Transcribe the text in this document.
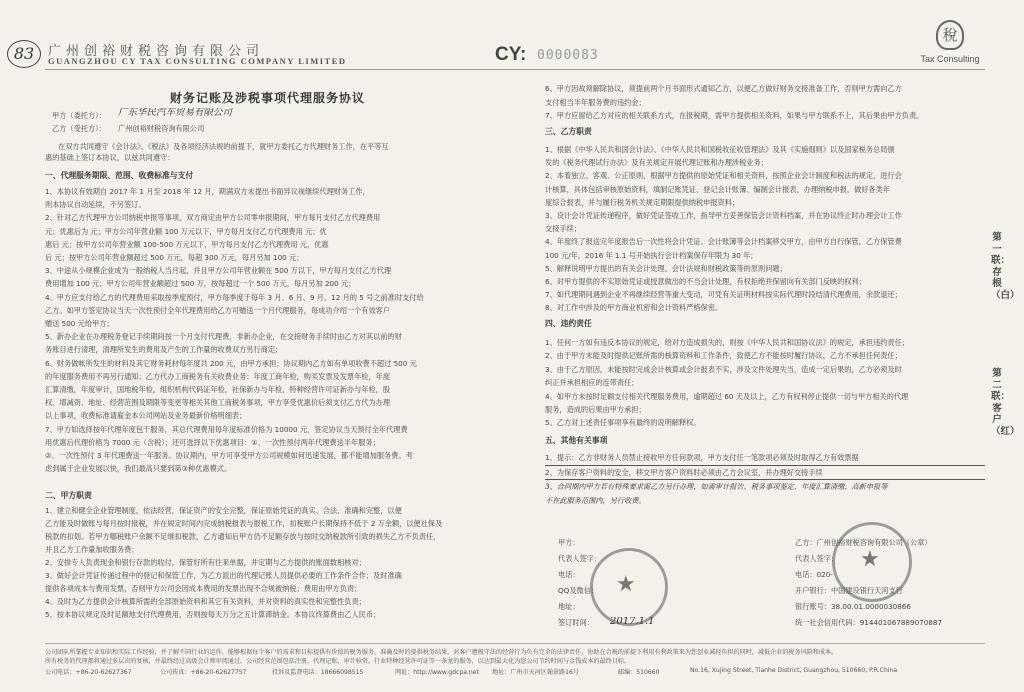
83	广州创裕财税咨询有限公司
GUANGZHOU CY TAX CONSULTING COMPANY LIMITED	CY: 0000083
稅
Tax Consulting
财务记账及涉税事项代理服务协议
甲方（委托方）： 广东华民汽车贸易有限公司
乙方（受托方）： 广州创裕财税咨询有限公司
在双方共同遵守《会计法》、《税法》及各项经济法规的前提下，就甲方委托乙方代理财务工作，在平等互
惠的基础上签订本协议，以兹共同遵守：
一、代理服务期限、范围、收费标准与支付
1、本协议有效期自 2017 年 1 月至 2018 年 12 月，期满双方未提出书面异议视继续代理财务工作，
则本协议自动延续，不另签订。
2、针对乙方代理甲方公司纳税申报等事项，双方商定由甲方公司零申报期间，甲方每月支付乙方代理费用
元；优惠后为 元；甲方公司年营业额 100 万元以下，甲方每月支付乙方代理费用 元；优
惠后 元；按甲方公司年营业额 100-500 万元以下，甲方每月支付乙方代理费用 元，优惠
后 元；按甲方公司年营业额超过 500 万元，每超 300 万元，每月另加 100 元；
3、中途从小规模企业成为一般纳税人当月起，并且甲方公司年营业额在 500 万以下，甲方每月支付乙方代理
费用增加 100 元；甲方公司年营业额超过 500 万，按每超过一个 500 万元，每月另加 200 元；
4、甲方应支付给乙方的代理费用采取按季度预付，甲方每季度于每年 3 月、6 月、9 月、12 月的 5 号之前准时支付给
乙方。如甲方签定协议当天一次性预付全年代理费用给乙方可赠送一个月代理服务，每成功介绍一个有效客户
赠送 500 元给甲方；
5、新办企业在办理税务登记手续期间按一个月支付代理费，非新办企业，在交接财务手续时由乙方对其以前的财
务账目进行清理，清理所发生的费用及产生的工作量的收费双方另行商定；
6、财务做帐所发生的材料及其它财务耗材每年度共 200 元，由甲方承担；协议期内乙方如有单项收费不超过 500 元
的年度服务费用不再另行通知；乙方代办工商税务有关收费业务：年度工商年检，购买发票及发票年检，年度
汇算清缴，年度审计，国地税年检，组织机构代码证年检，社保新办与年检，特种经营许可证新办与年检，股
权、增减资、地址、经营范围及期限等变更等相关其他工商税务事项，甲方享受优惠价后须支付乙方代为办理
以上事项，收费标准请雇金本公司网站及业务最新价格明细表；
7、甲方如选择按年代理年度包干服务，其总代理费用每年度标准价格为 10000 元，签定协议当天预付全年代理费
用优惠后代理价格为 7000 元（含税）；还可选择以下优惠项目：①、一次性预付两年代理费送半年服务；
②、一次性预付 3 年代理费送一年服务。协议期内，甲方可享受甲方公司规模如何迅速发展，都不能增加服务费。考
虑到属于企业发展以快，我们最高只要到第③种优惠模式。
二、甲方职责
1、建立和健全企业管理制度，依法经营，保证资产的安全完整，保证原始凭证的真实、合法、准确和完整，以便
乙方能及时做账与每月按时报税，并在规定时间内完成纳税报表与报税工作，扣税账户长期保持不低于 2 万余额，以便社保及
税款的扣划。若甲方哪税账户余额不足继扣税款，乙方通知后甲方仍不足额存放与按时交纳税款所引致的损失乙方不负责任，
并且乙方工作量加收服务费；
2、安排专人负责现金和银行存款的收付，保管好所有往来单据，并定期与乙方提供的账面数相核对；
3、做好会计凭证传递过程中的登记和保管工作，为乙方派出的代理记账人员提供必要的工作条件合作；及时准确
提供各项成本与费用发票，否则甲方公司会因成本费用的发票出现不合规被纳税；费用由甲方负责；
4、及时为乙方提供会计核算所需的全部原始资料和其它有关资料，并对资料的真实性和完整性负责；
5、按本协议规定及时足额地支付代理费用，否则按每天万分之五计算滞纳金。本协议终算费由乙人民币；
6、甲方因故须解除协议，须提前两个月书面形式通知乙方，以便乙方做好财务交接准备工作，否则甲方需向乙方
支付相当半年服务费的违约金；
7、甲方应留给乙方对应的相关联系方式，在报税期，需甲方提供相关资料，如果与甲方联系不上，其后果由甲方负责。
三、乙方职责
1、根据《中华人民共和国会计法》、《中华人民共和国税收征收管理法》及其《实施细则》以及国家税务总局颁
发的《税务代理试行办法》及有关规定开展代理记账和办理涉税业务；
2、本着独立、客观、公正原则，根据甲方提供的原始凭证和相关资料，按照企业会计制度和税法的规定，进行会
计核算，具体包括审核原始资料，填制记账凭证、登记会计账簿、编制会计报表，办理纳税申报，做好各类年
度综合报表，并与履行税务机关规定期限提供纳税申报资料；
3、设计会计凭证传递程序，做好凭证签收工作，指导甲方妥善保管会计资料档案，并在协议终止时办理会计工作
交接手续；
4、年度终了报送完年度报告后一次性将会计凭证、会计账簿等会计档案移交甲方，由甲方自行保管，乙方保管费
100 元/年，2016 年 1.1 号开始执行会计档案保存年限为 30 年；
5、解释说明甲方提出的有关会计处理、会计法规和财税政策等的原则问题；
6、对甲方提供的不实原始凭证或授意做出的不当会计处理，有权拒绝并保留向有关部门反映的权利；
7、如代理期间遇到企业不再继续经营等重大变动，可凭有关证明材料按实际代理时段结清代理费用，余款退还；
8、对工作中涉及的甲方商业机密和会计资料严格保密。
四、违约责任
1、任何一方如有违反本协议的规定，给对方造成损失的，则按《中华人民共和国协议法》的规定，承担违约责任；
2、由于甲方未能及时提供记账所需的核算资料和工作条件，致使乙方不能按时履行协议，乙方不承担任何责任；
3、由于乙方原因，未能按时完成会计核算或会计报表不实，涉及文件处理失当，造成一定后果的，乙方必须及时
纠正并承担相应的连带责任；
4、如甲方未按时足额支付相关代理服务费用，逾期超过 60 天及以上，乙方有权利停止提供一切与甲方相关的代理
服务，造成的后果由甲方承担；
5、乙方对上述责任事项享有最终的说明解释权。
五、其他有关事项
1、提示：乙方非财务人员禁止接收甲方任何款项，甲方支付任一笔款项必须及时取得乙方有效票据
2、为保存客户资料的安全，移交甲方客户资料时必须由乙方会议室，并办理好交接手续
3、合同期内甲方若有特殊要求需乙方另行办理，如需审计报告、税务事项鉴定、年度汇算清缴、高新申报等
不在此服务范围内，另行收费。
甲方：
代表人签字：
电话：
QQ及微信：
地址：
签订时间：
乙方：广州创裕财税咨询有限公司（公章）
代表人签字：
电话：020-
开户银行：中国建设银行天河支行
银行账号：38.00.01.0000030866
统一社会信用代码：914401067889070887
2017.1.1
★
★
第一联：存根（白）
第二联：客户（红）
公司团队所掌握专业知识和实际工作经验，并了解不同行业的运作，能够根据每个客户的需求和目标提供有价值的税务服务，准确及时的提供税务结果，对客户遵规守法的经营行为负有完全的法律责任，协助在合规的前提下利用有利政策来为您创业减轻负担的同时，减低企业的税务风险和成本。
所有税务的代理都将通过多层次的复核，并最终经过高级会计师审阅通过。公司经营范围包括注册，代理记账，审计验资，行业特种经营许可证等一条龙的服务，以达到最大化为您公司节约时间与金钱成本的最终目标。
公司电话：+86-20-62627367	公司传真：+86-20-62627757	投诉及监督电话：18666098515	网址：http://www.gdcpa.net 地址：广州市天河区翰景路16号	邮编：510660	No.16, Xujing Street, Tianhe District, Guangzhou, 510660, P.R.China
